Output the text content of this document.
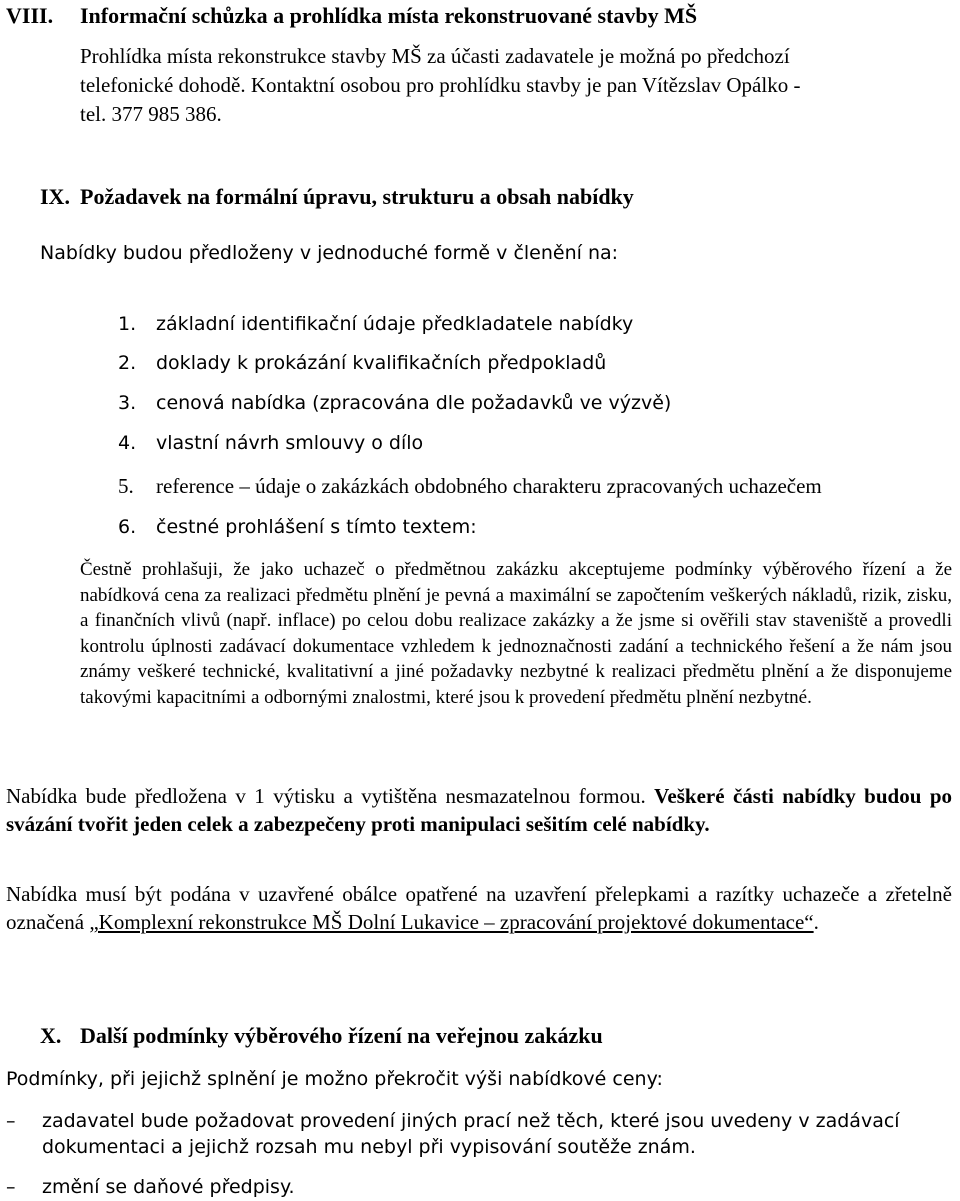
VIII. Informační schůzka a prohlídka místa rekonstruované stavby MŠ
Prohlídka místa rekonstrukce stavby MŠ za účasti zadavatele je možná po předchozí
telefonické dohodě. Kontaktní osobou pro prohlídku stavby je pan Vítězslav Opálko -
tel. 377 985 386.
IX. Požadavek na formální úpravu, strukturu a obsah nabídky
Nabídky budou předloženy v jednoduché formě v členění na:
1. základní identifikační údaje předkladatele nabídky
2. doklady k prokázání kvalifikačních předpokladů
3. cenová nabídka (zpracována dle požadavků ve výzvě)
4. vlastní návrh smlouvy o dílo
5. reference – údaje o zakázkách obdobného charakteru zpracovaných uchazečem
6. čestné prohlášení s tímto textem:
Čestně prohlašuji, že jako uchazeč o předmětnou zakázku akceptujeme podmínky výběrového řízení a že nabídková cena za realizaci předmětu plnění je pevná a maximální se započtením veškerých nákladů, rizik, zisku, a finančních vlivů (např. inflace) po celou dobu realizace zakázky a že jsme si ověřili stav staveniště a provedli kontrolu úplnosti zadávací dokumentace vzhledem k jednoznačnosti zadání a technického řešení a že nám jsou známy veškeré technické, kvalitativní a jiné požadavky nezbytné k realizaci předmětu plnění a že disponujeme takovými kapacitními a odbornými znalostmi, které jsou k provedení předmětu plnění nezbytné.
Nabídka bude předložena v 1 výtisku a vytištěna nesmazatelnou formou. Veškeré části nabídky budou po svázání tvořit jeden celek a zabezpečeny proti manipulaci sešitím celé nabídky.
Nabídka musí být podána v uzavřené obálce opatřené na uzavření přelepkami a razítky uchazeče a zřetelně označená „Komplexní rekonstrukce MŠ Dolní Lukavice – zpracování projektové dokumentace“.
X. Další podmínky výběrového řízení na veřejnou zakázku
Podmínky, při jejichž splnění je možno překročit výši nabídkové ceny:
– zadavatel bude požadovat provedení jiných prací než těch, které jsou uvedeny v zadávací dokumentaci a jejichž rozsah mu nebyl při vypisování soutěže znám.
– změní se daňové předpisy.
